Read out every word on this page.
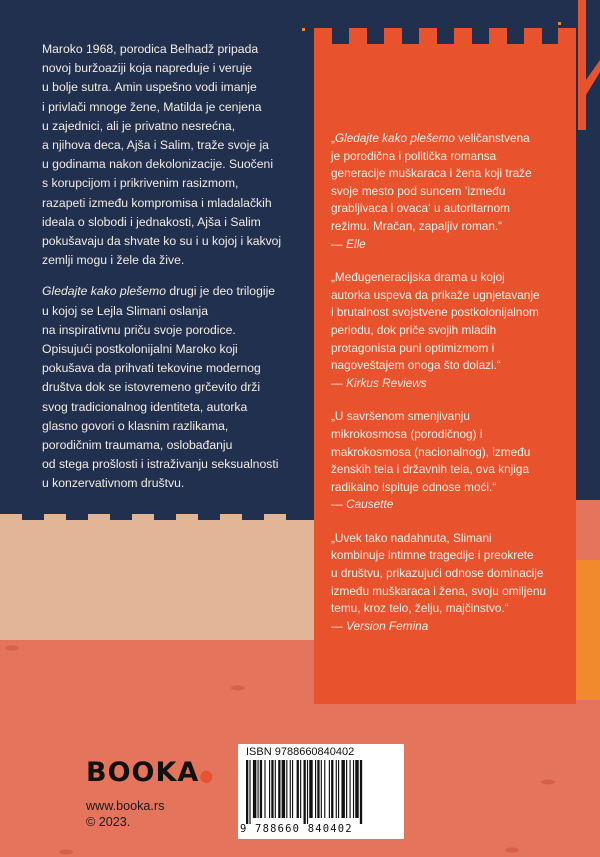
Maroko 1968, porodica Belhadž pripada
novoj buržoaziji koja napreduje i veruje
u bolje sutra. Amin uspešno vodi imanje
i privlači mnoge žene, Matilda je cenjena
u zajednici, ali je privatno nesrećna,
a njihova deca, Ajša i Salim, traže svoje ja
u godinama nakon dekolonizacije. Suočeni
s korupcijom i prikrivenim rasizmom,
razapeti između kompromisa i mladalačkih
ideala o slobodi i jednakosti, Ajša i Salim
pokušavaju da shvate ko su i u kojoj i kakvoj
zemlji mogu i žele da žive.

Gledajte kako plešemo drugi je deo trilogije
u kojoj se Lejla Slimani oslanja
na inspirativnu priču svoje porodice.
Opisujući postkolonijalni Maroko koji
pokušava da prihvati tekovine modernog
društva dok se istovremeno grčevito drži
svog tradicionalnog identiteta, autorka
glasno govori o klasnim razlikama,
porodičnim traumama, oslobađanju
od stega prošlosti i istraživanju seksualnosti
u konzervativnom društvu.

„Gledajte kako plešemo veličanstvena
je porodična i politička romansa
generacije muškaraca i žena koji traže
svoje mesto pod suncem ’između
grabljivaca i ovaca‘ u autoritarnom
režimu. Mračan, zapaljiv roman.“

— Elle
„Međugeneracijska drama u kojoj
autorka uspeva da prikaže ugnjetavanje
i brutalnost svojstvene postkolonijalnom
periodu, dok priče svojih mladih
protagonista puni optimizmom i
nagoveštajem onoga što dolazi.“

— Kirkus Reviews
„U savršenom smenjivanju
mikrokosmosa (porodičnog) i
makrokosmosa (nacionalnog), između
ženskih tela i državnih tela, ova knjiga
radikalno ispituje odnose moći.“

— Causette
„Uvek tako nadahnuta, Slimani
kombinuje intimne tragedije i preokrete
u društvu, prikazujući odnose dominacije
između muškaraca i žena, svoju omiljenu
temu, kroz telo, želju, majčinstvo.“

— Version Femina
BOOKA●
www.booka.rs
© 2023.
ISBN 9788660840402
9 788660 840402
